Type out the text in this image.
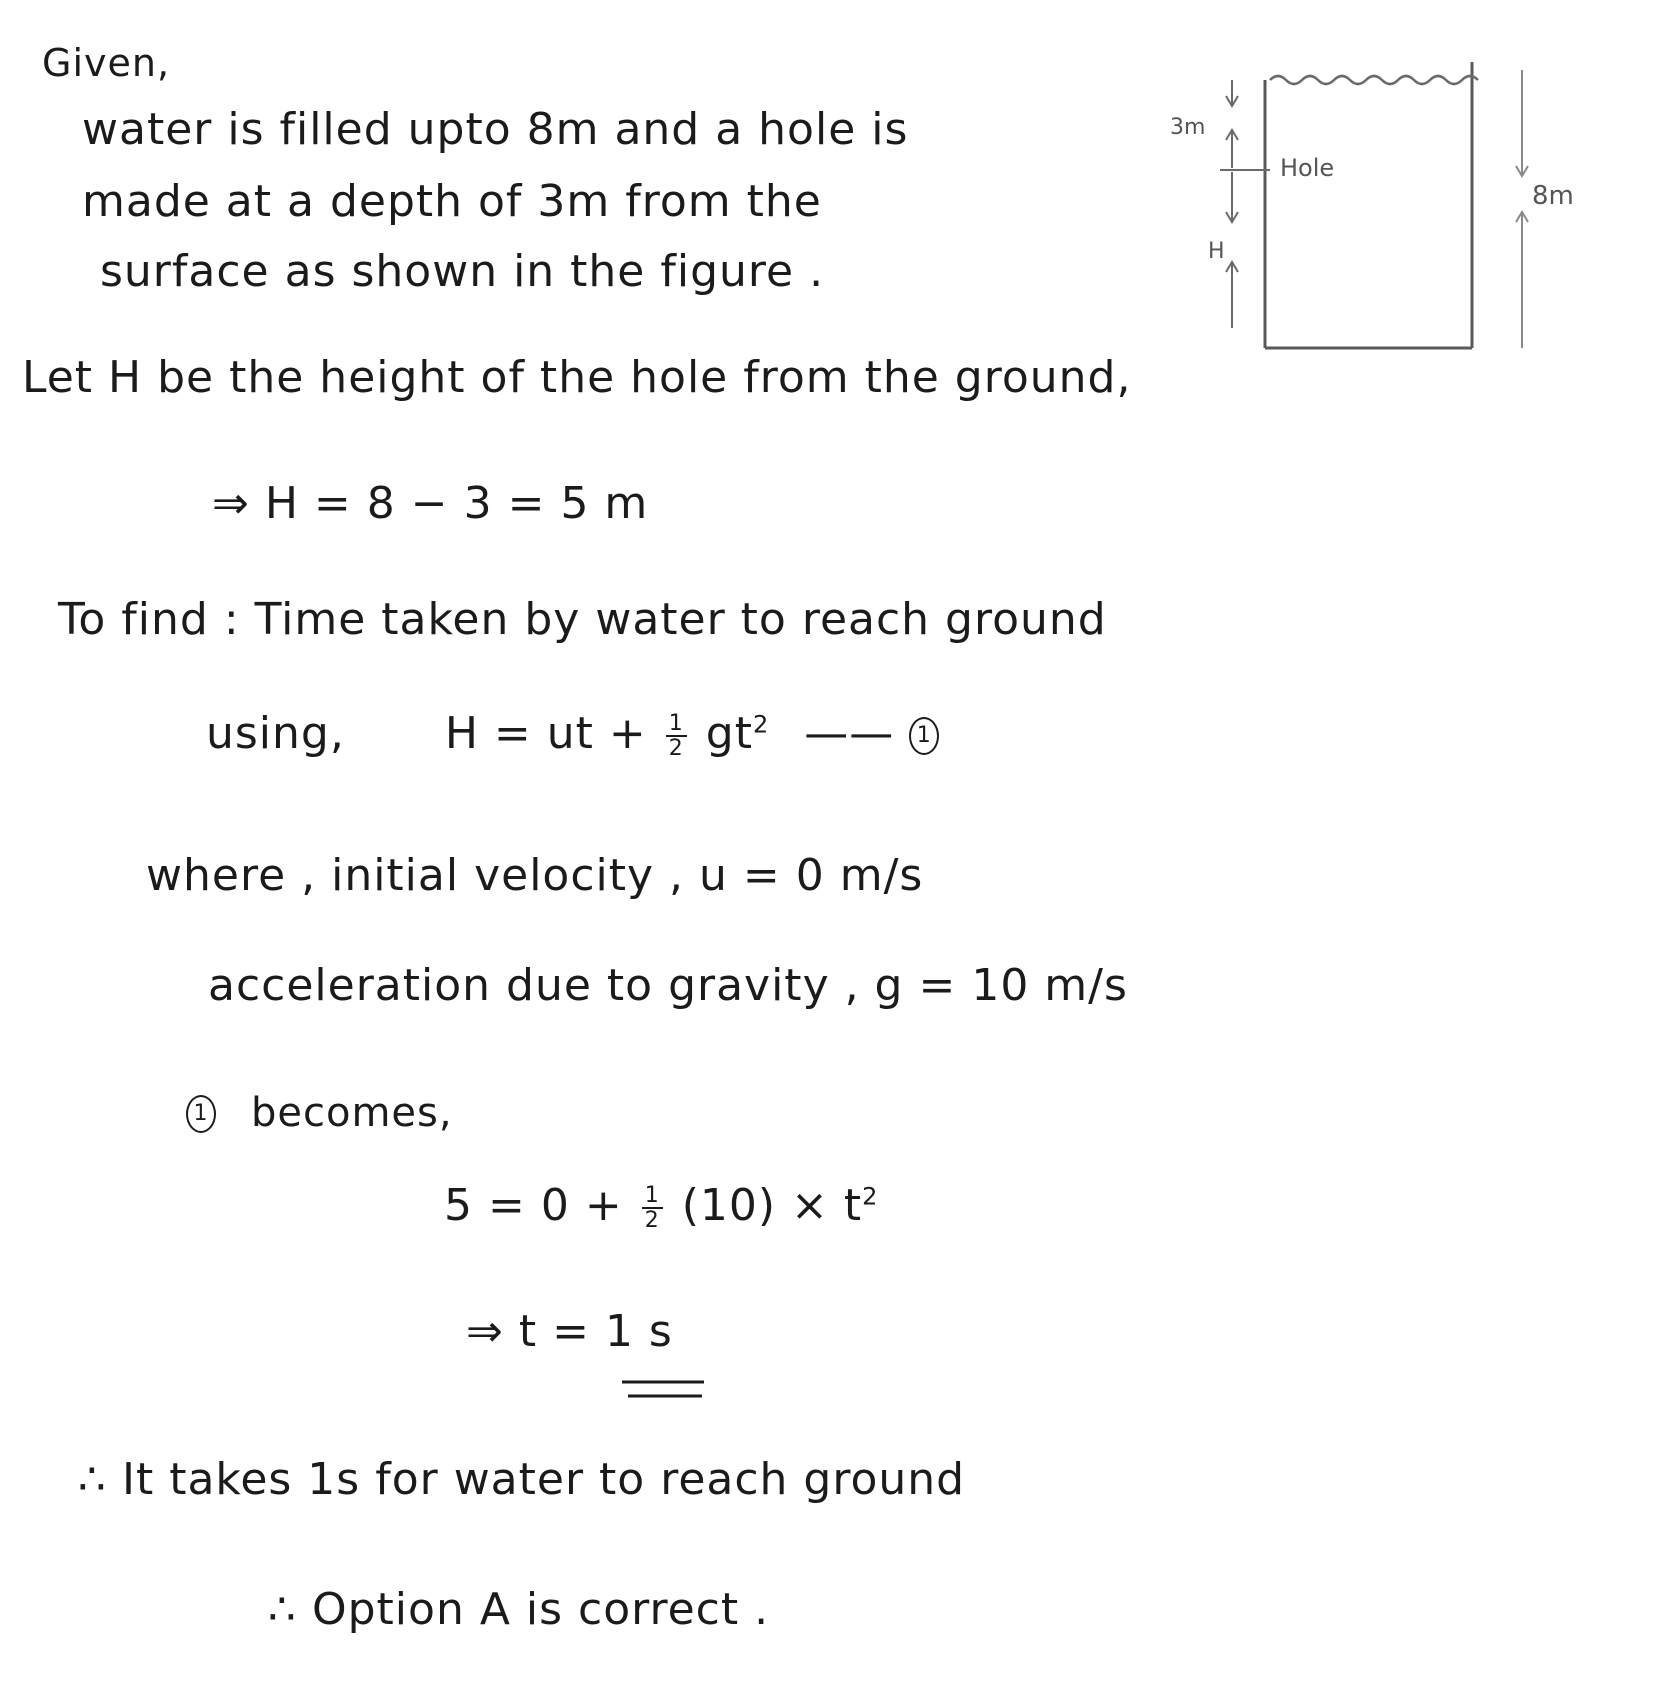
Given,
water is filled upto 8m and a hole is
made at a depth of 3m from the
surface as shown in the figure .
3m
Hole
H
8m
Let H be the height of the hole from the ground,
⇒ H = 8 − 3 = 5 m
To find : Time taken by water to reach ground
using, H = ut + $\frac{1}{2} gt^2$ —— 1
where , initial velocity , u = 0 m/s
acceleration due to gravity , g = 10 m/s
1 becomes,
$5 = 0 + \frac{1}{2} (10) \times t^2$
⇒ t = 1 s
∴ It takes 1s for water to reach ground
∴ Option A is correct .
